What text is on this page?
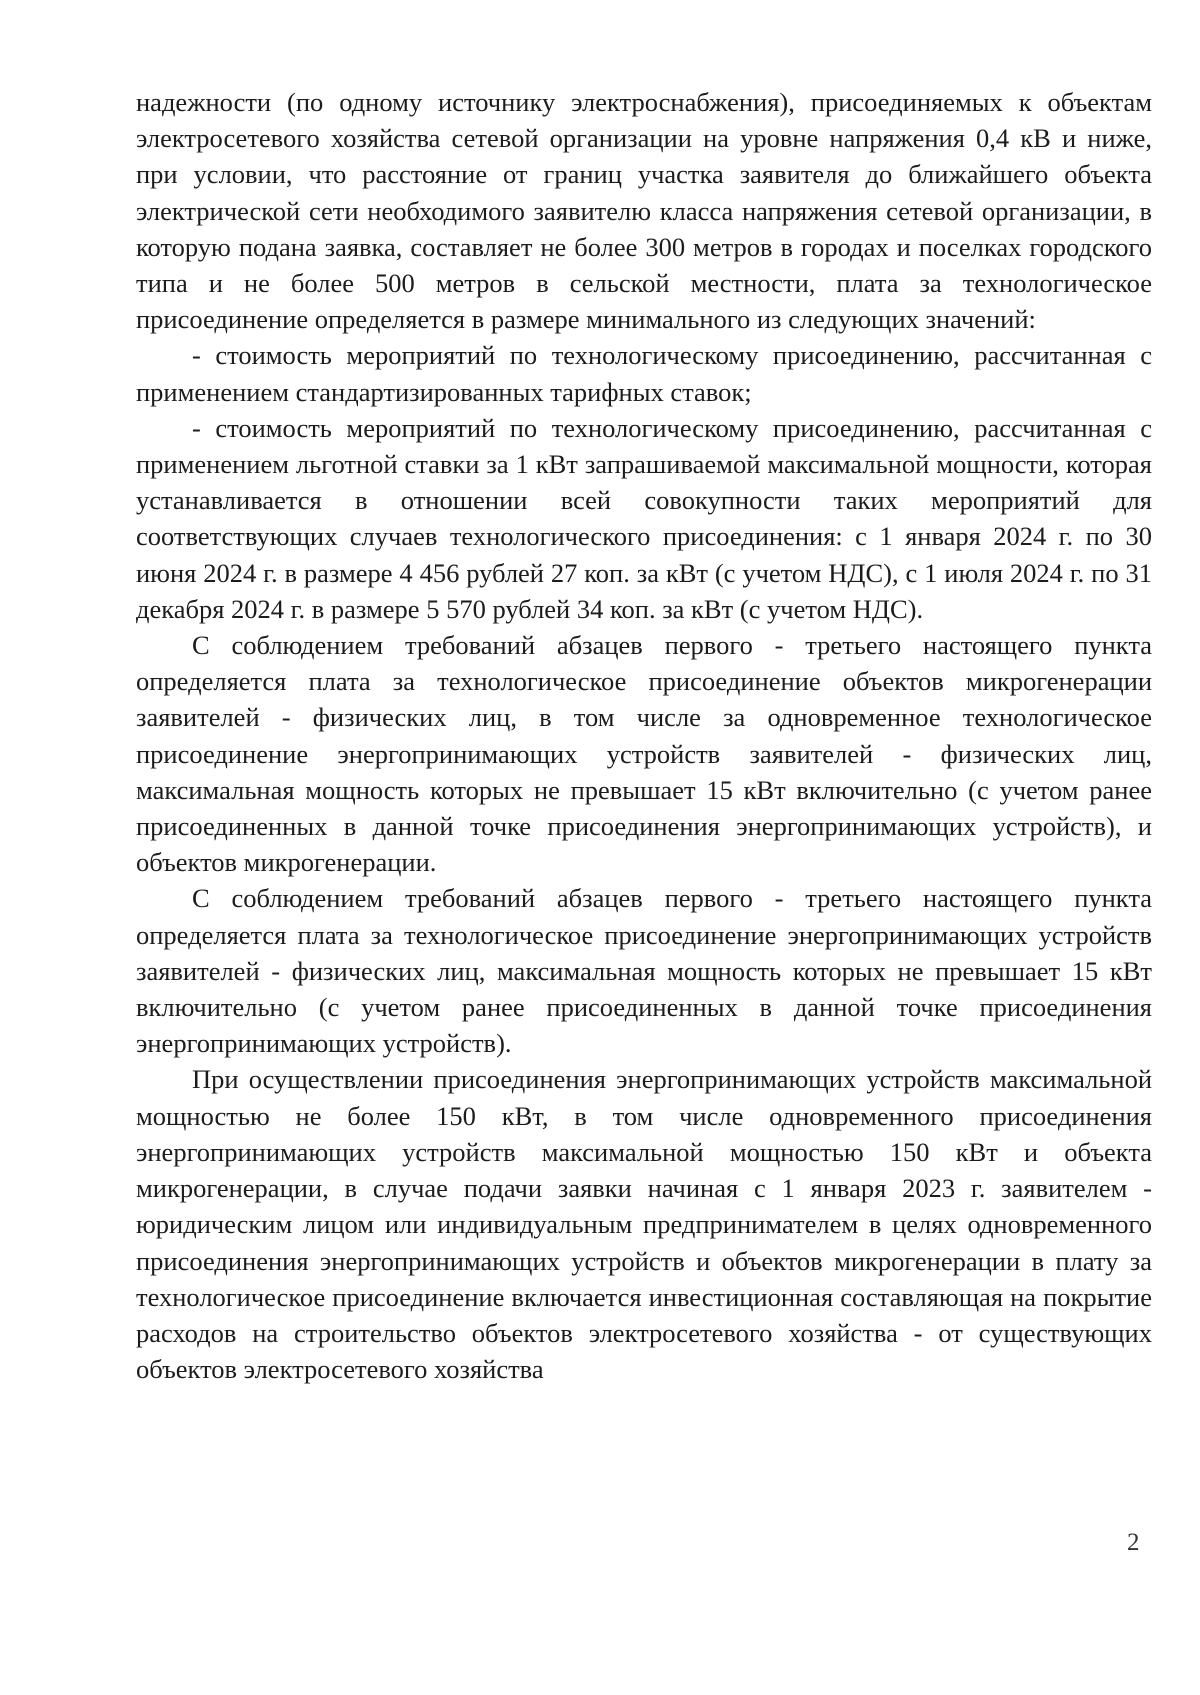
надежности (по одному источнику электроснабжения), присоединяемых к объектам электросетевого хозяйства сетевой организации на уровне напряжения 0,4 кВ и ниже, при условии, что расстояние от границ участка заявителя до ближайшего объекта электрической сети необходимого заявителю класса напряжения сетевой организации, в которую подана заявка, составляет не более 300 метров в городах и поселках городского типа и не более 500 метров в сельской местности, плата за технологическое присоединение определяется в размере минимального из следующих значений:

- стоимость мероприятий по технологическому присоединению, рассчитанная с применением стандартизированных тарифных ставок;

- стоимость мероприятий по технологическому присоединению, рассчитанная с применением льготной ставки за 1 кВт запрашиваемой максимальной мощности, которая устанавливается в отношении всей совокупности таких мероприятий для соответствующих случаев технологического присоединения: с 1 января 2024 г. по 30 июня 2024 г. в размере 4 456 рублей 27 коп. за кВт (с учетом НДС), с 1 июля 2024 г. по 31 декабря 2024 г. в размере 5 570 рублей 34 коп. за кВт (с учетом НДС).

С соблюдением требований абзацев первого - третьего настоящего пункта определяется плата за технологическое присоединение объектов микрогенерации заявителей - физических лиц, в том числе за одновременное технологическое присоединение энергопринимающих устройств заявителей - физических лиц, максимальная мощность которых не превышает 15 кВт включительно (с учетом ранее присоединенных в данной точке присоединения энергопринимающих устройств), и объектов микрогенерации.

С соблюдением требований абзацев первого - третьего настоящего пункта определяется плата за технологическое присоединение энергопринимающих устройств заявителей - физических лиц, максимальная мощность которых не превышает 15 кВт включительно (с учетом ранее присоединенных в данной точке присоединения энергопринимающих устройств).

При осуществлении присоединения энергопринимающих устройств максимальной мощностью не более 150 кВт, в том числе одновременного присоединения энергопринимающих устройств максимальной мощностью 150 кВт и объекта микрогенерации, в случае подачи заявки начиная с 1 января 2023 г. заявителем - юридическим лицом или индивидуальным предпринимателем в целях одновременного присоединения энергопринимающих устройств и объектов микрогенерации в плату за технологическое присоединение включается инвестиционная составляющая на покрытие расходов на строительство объектов электросетевого хозяйства - от существующих объектов электросетевого хозяйства

2
